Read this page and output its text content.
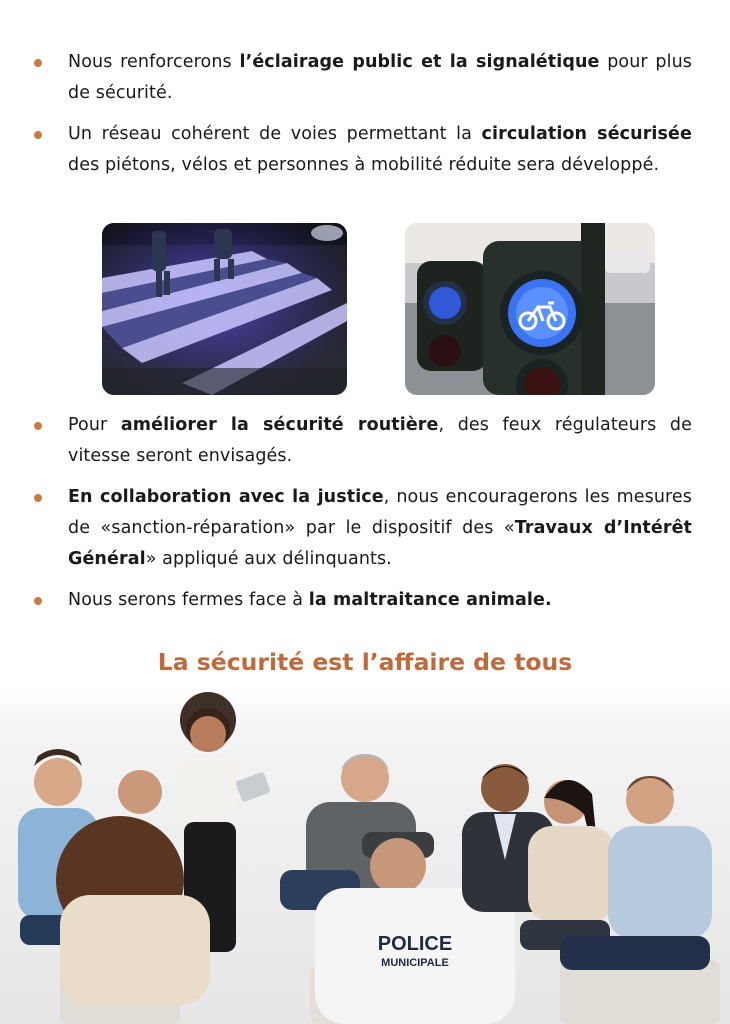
Nous renforcerons l’éclairage public et la signalétique pour plus de sécurité.
Un réseau cohérent de voies permettant la circulation sécurisée des piétons, vélos et personnes à mobilité réduite sera développé.
Pour améliorer la sécurité routière, des feux régulateurs de vitesse seront envisagés.
En collaboration avec la justice, nous encouragerons les mesures de «sanction-réparation» par le dispositif des «Travaux d’Intérêt Général» appliqué aux délinquants.
Nous serons fermes face à la maltraitance animale.
La sécurité est l’affaire de tous
POLICE
MUNICIPALE
